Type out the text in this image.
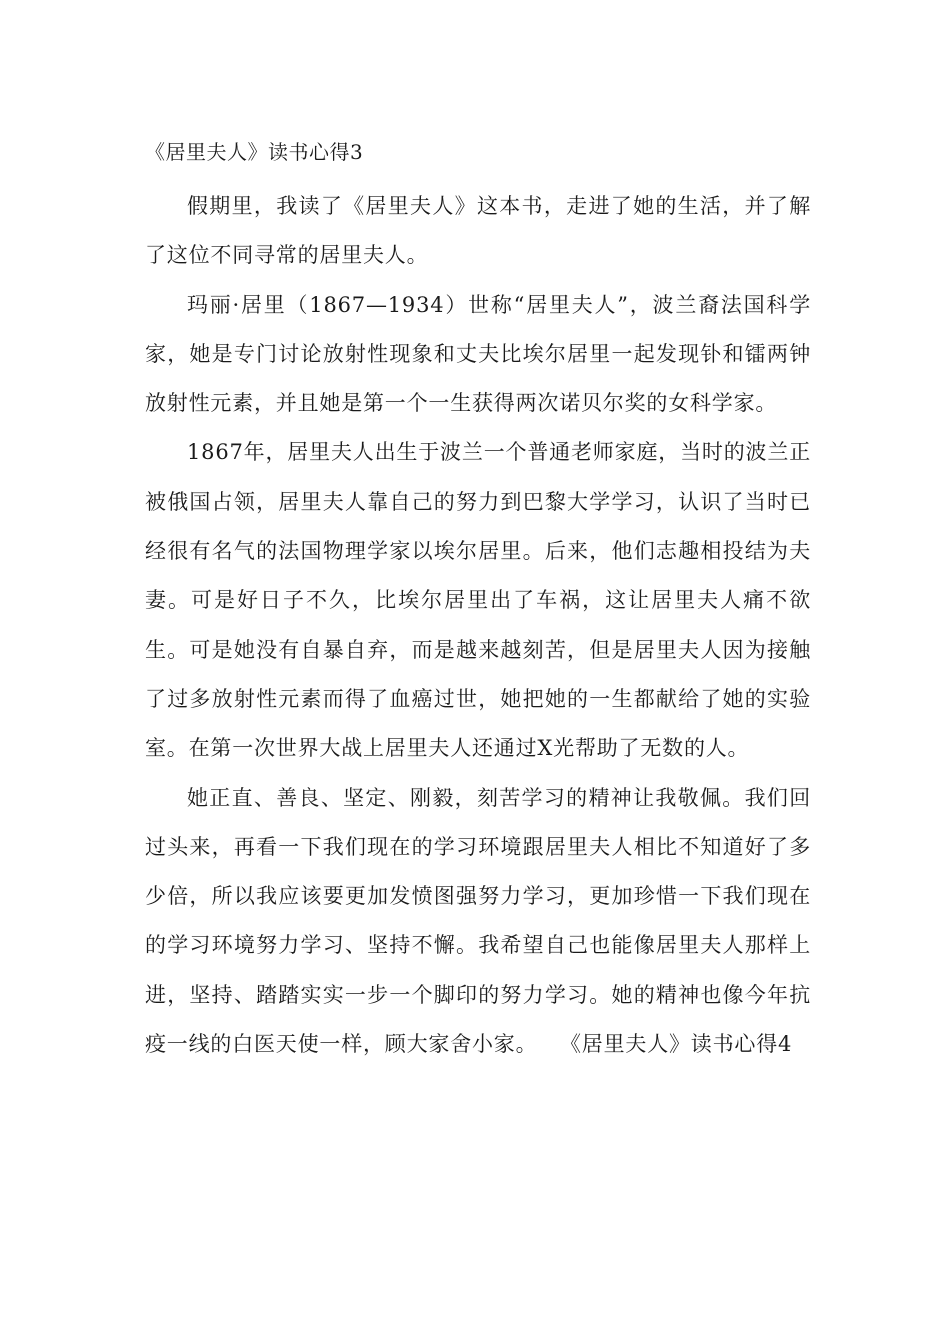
《居里夫人》读书心得3

假期里，我读了《居里夫人》这本书，走进了她的生活，并了解了这位不同寻常的居里夫人。

玛丽·居里（1867—1934）世称“居里夫人”，波兰裔法国科学家，她是专门讨论放射性现象和丈夫比埃尔居里一起发现钋和镭两钟放射性元素，并且她是第一个一生获得两次诺贝尔奖的女科学家。

1867年，居里夫人出生于波兰一个普通老师家庭，当时的波兰正被俄国占领，居里夫人靠自己的努力到巴黎大学学习，认识了当时已经很有名气的法国物理学家以埃尔居里。后来，他们志趣相投结为夫妻。可是好日子不久，比埃尔居里出了车祸，这让居里夫人痛不欲生。可是她没有自暴自弃，而是越来越刻苦，但是居里夫人因为接触了过多放射性元素而得了血癌过世，她把她的一生都献给了她的实验室。在第一次世界大战上居里夫人还通过X光帮助了无数的人。

她正直、善良、坚定、刚毅，刻苦学习的精神让我敬佩。我们回过头来，再看一下我们现在的学习环境跟居里夫人相比不知道好了多少倍，所以我应该要更加发愤图强努力学习，更加珍惜一下我们现在的学习环境努力学习、坚持不懈。我希望自己也能像居里夫人那样上进，坚持、踏踏实实一步一个脚印的努力学习。她的精神也像今年抗疫一线的白医天使一样，顾大家舍小家。　　《居里夫人》读书心得4
